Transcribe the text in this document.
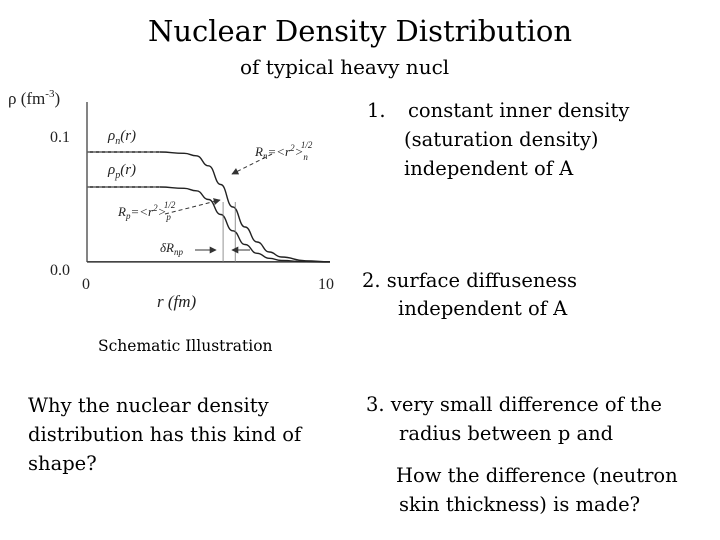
Nuclear Density Distribution
of typical heavy nucl
ρ $(fm^{-3})$
0.1
0.0
0	10
r (fm)
$\rho_n(r)$
$\rho_p(r)$
$R_n=<r^2>_n1/2$
$R_p=<r^2>_p1/2$
$\delta R_{np}$
1. constant inner density
(saturation density)
independent of A
2. surface diffuseness
independent of A
3. very small difference of the
radius between p and
How the difference (neutron
skin thickness) is made?
Schematic Illustration
Why the nuclear density
distribution has this kind of
shape?
